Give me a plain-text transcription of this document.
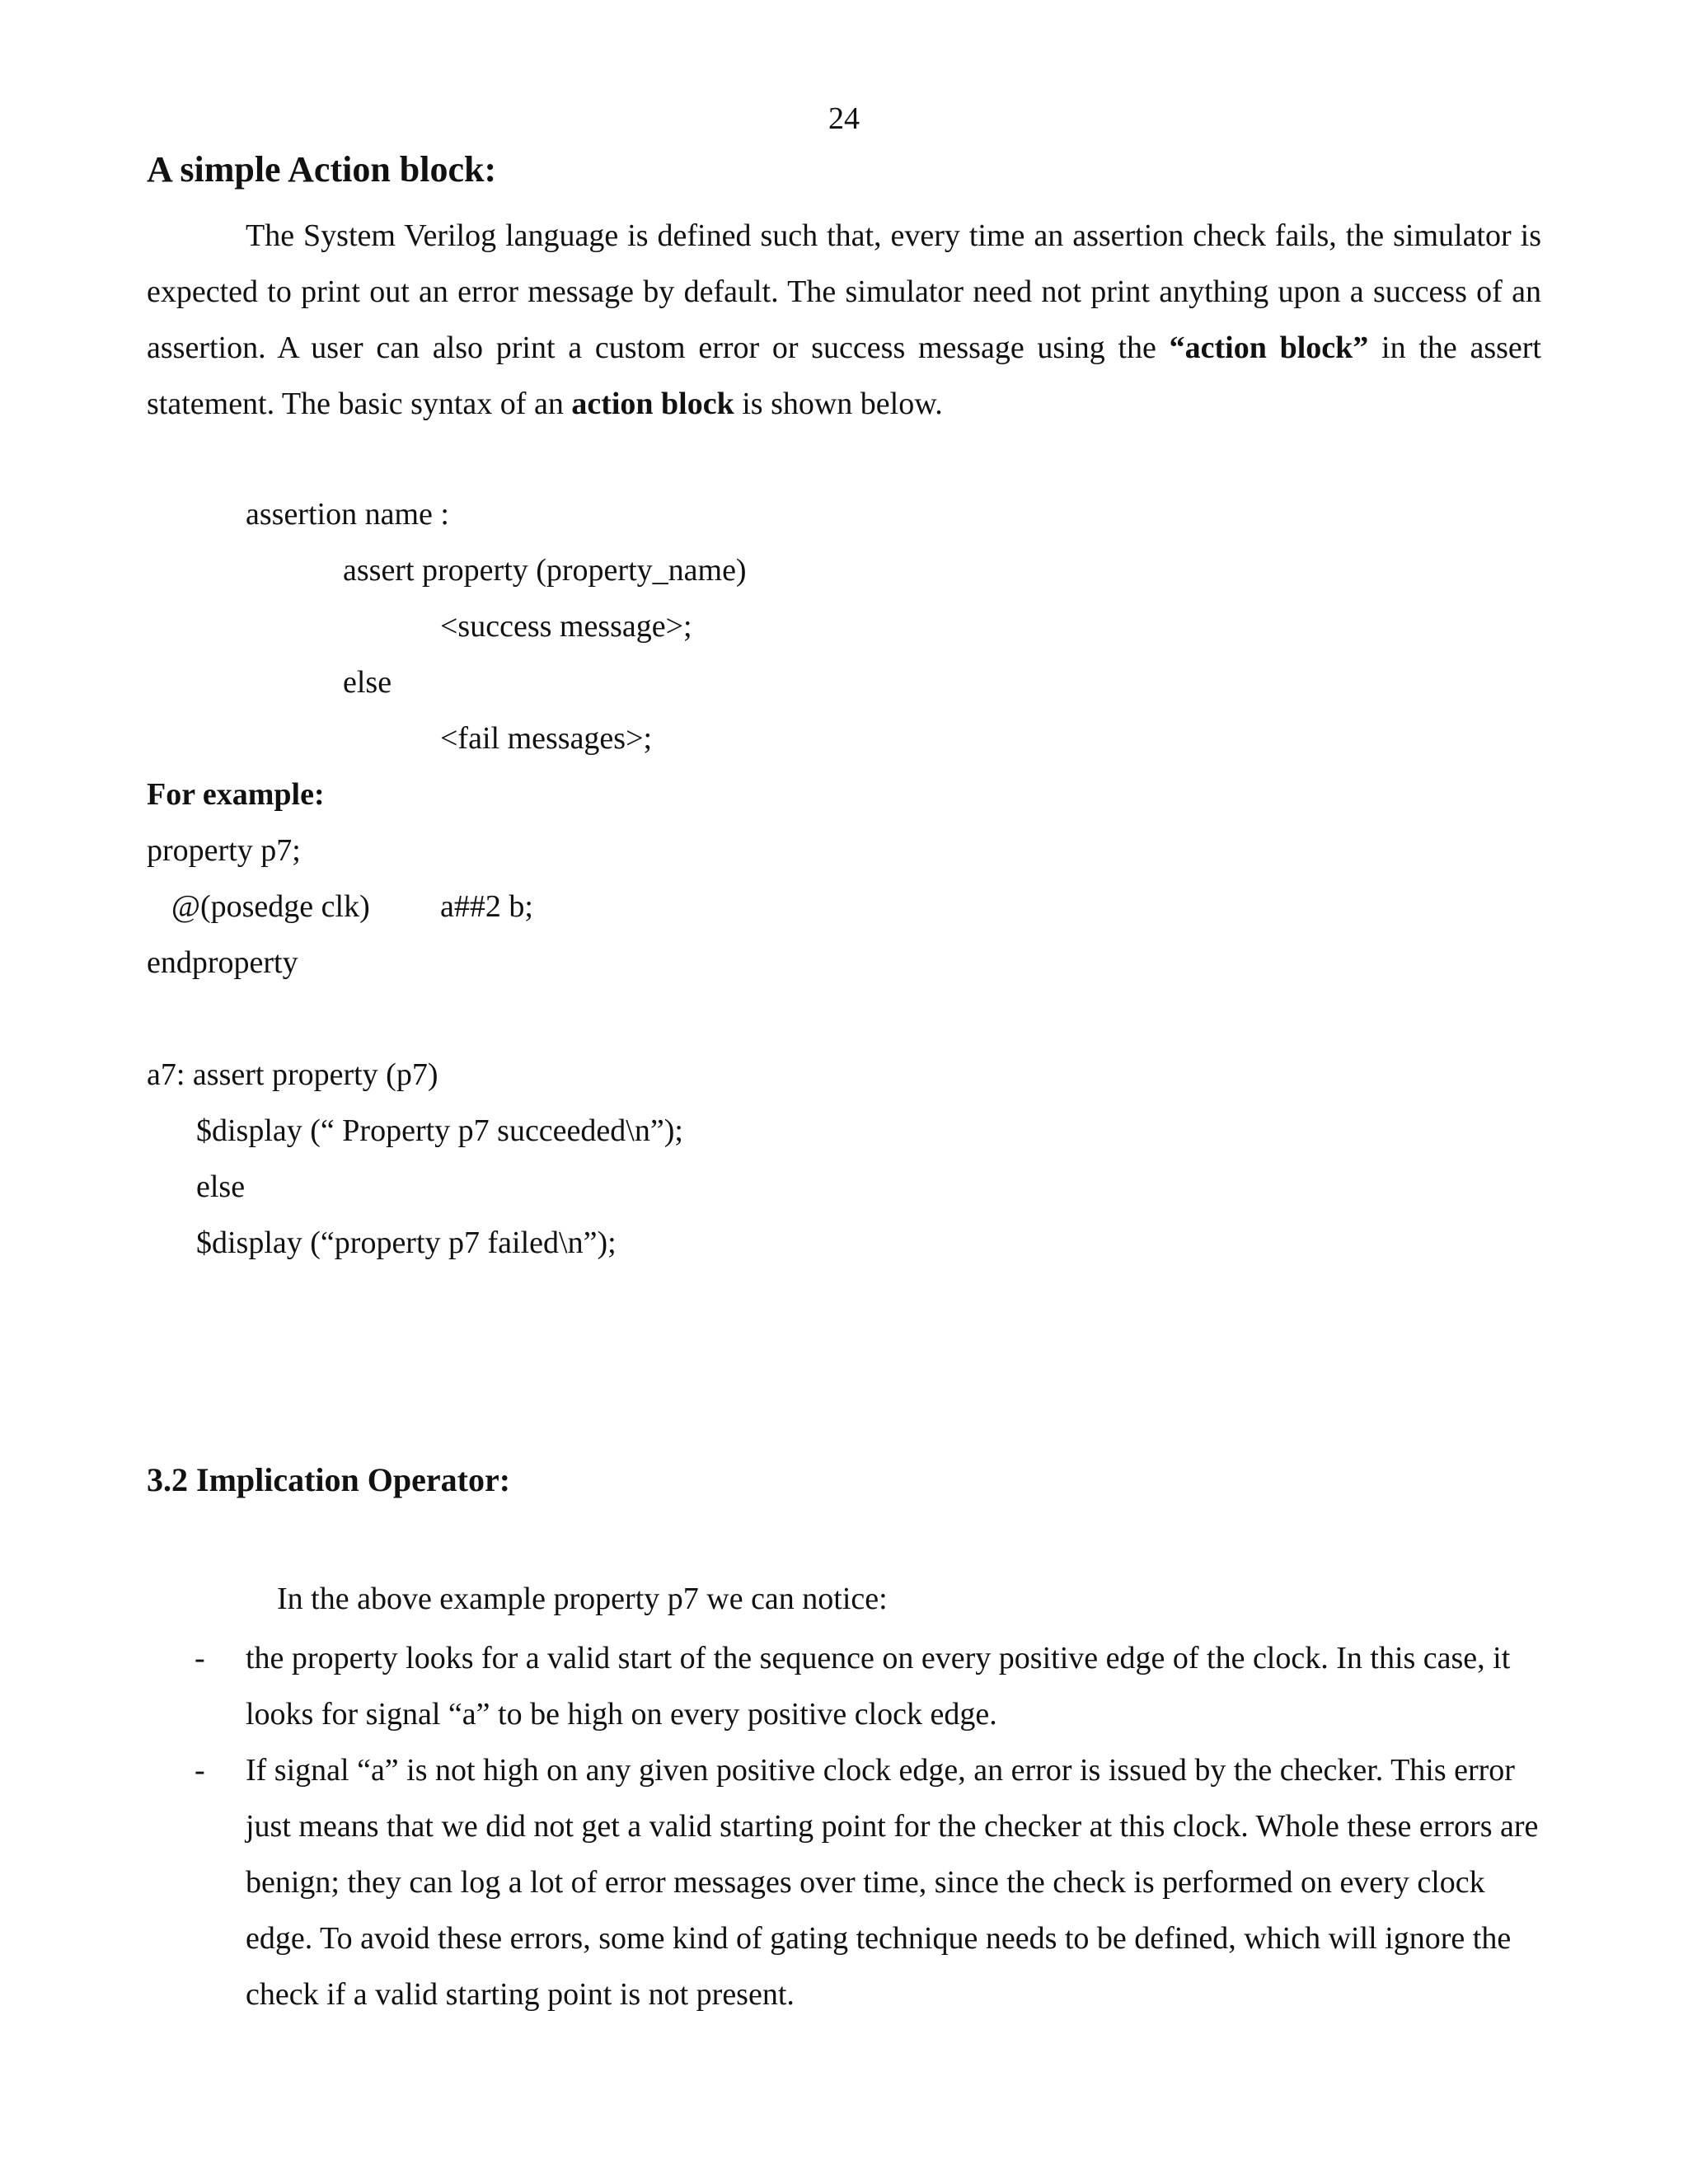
24
A simple Action block:

The System Verilog language is defined such that, every time an assertion check fails, the simulator is expected to print out an error message by default. The simulator need not print anything upon a success of an assertion. A user can also print a custom error or success message using the “action block” in the assert statement. The basic syntax of an action block is shown below.

assertion name :
assert property (property_name)
<success message>;
else
<fail messages>;
For example:
property p7;
@(posedge clk) a##2 b;
endproperty
a7: assert property (p7)
$display (“ Property p7 succeeded\n”);
else
$display (“property p7 failed\n”);
3.2 Implication Operator:
In the above example property p7 we can notice:
- the property looks for a valid start of the sequence on every positive edge of the clock. In this case, it looks for signal “a” to be high on every positive clock edge.
- If signal “a” is not high on any given positive clock edge, an error is issued by the checker. This error just means that we did not get a valid starting point for the checker at this clock. Whole these errors are benign; they can log a lot of error messages over time, since the check is performed on every clock edge. To avoid these errors, some kind of gating technique needs to be defined, which will ignore the check if a valid starting point is not present.
